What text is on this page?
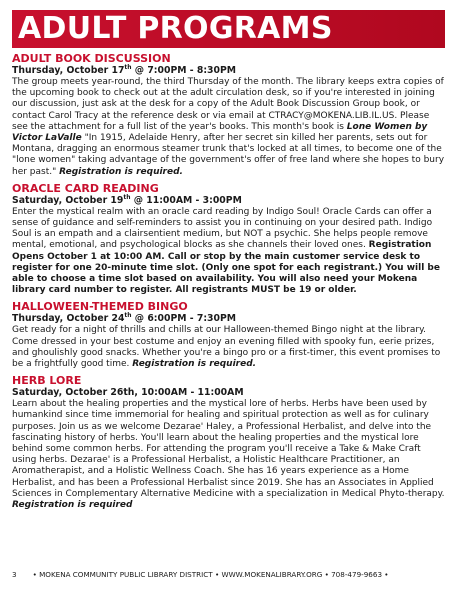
ADULT PROGRAMS

ADULT BOOK DISCUSSION

Thursday, October 17th @ 7:00PM - 8:30PM

The group meets year-round, the third Thursday of the month. The library keeps extra copies of the upcoming book to check out at the adult circulation desk, so if you're interested in joining our discussion, just ask at the desk for a copy of the Adult Book Discussion Group book, or contact Carol Tracy at the reference desk or via email at CTRACY@MOKENA.LIB.IL.US. Please see the attachment for a full list of the year's books. This month's book is Lone Women by Victor LaValle "In 1915, Adelaide Henry, after her secret sin killed her parents, sets out for Montana, dragging an enormous steamer trunk that's locked at all times, to become one of the "lone women" taking advantage of the government's offer of free land where she hopes to bury her past." Registration is required.

ORACLE CARD READING

Saturday, October 19th @ 11:00AM - 3:00PM

Enter the mystical realm with an oracle card reading by Indigo Soul! Oracle Cards can offer a sense of guidance and self-reminders to assist you in continuing on your desired path. Indigo Soul is an empath and a clairsentient medium, but NOT a psychic. She helps people remove mental, emotional, and psychological blocks as she channels their loved ones. Registration Opens October 1 at 10:00 AM. Call or stop by the main customer service desk to register for one 20-minute time slot. (Only one spot for each registrant.) You will be able to choose a time slot based on availability. You will also need your Mokena library card number to register. All registrants MUST be 19 or older.

HALLOWEEN-THEMED BINGO

Thursday, October 24th @ 6:00PM - 7:30PM

Get ready for a night of thrills and chills at our Halloween-themed Bingo night at the library. Come dressed in your best costume and enjoy an evening filled with spooky fun, eerie prizes, and ghoulishly good snacks. Whether you're a bingo pro or a first-timer, this event promises to be a frightfully good time. Registration is required.

HERB LORE

Saturday, October 26th, 10:00AM - 11:00AM

Learn about the healing properties and the mystical lore of herbs. Herbs have been used by humankind since time immemorial for healing and spiritual protection as well as for culinary purposes. Join us as we welcome Dezarae' Haley, a Professional Herbalist, and delve into the fascinating history of herbs. You'll learn about the healing properties and the mystical lore behind some common herbs. For attending the program you'll receive a Take & Make Craft using herbs. Dezarae' is a Professional Herbalist, a Holistic Healthcare Practitioner, an Aromatherapist, and a Holistic Wellness Coach. She has 16 years experience as a Home Herbalist, and has been a Professional Herbalist since 2019. She has an Associates in Applied Sciences in Complementary Alternative Medicine with a specialization in Medical Phyto-therapy. Registration is required

3 • MOKENA COMMUNITY PUBLIC LIBRARY DISTRICT • WWW.MOKENALIBRARY.ORG • 708-479-9663 •
